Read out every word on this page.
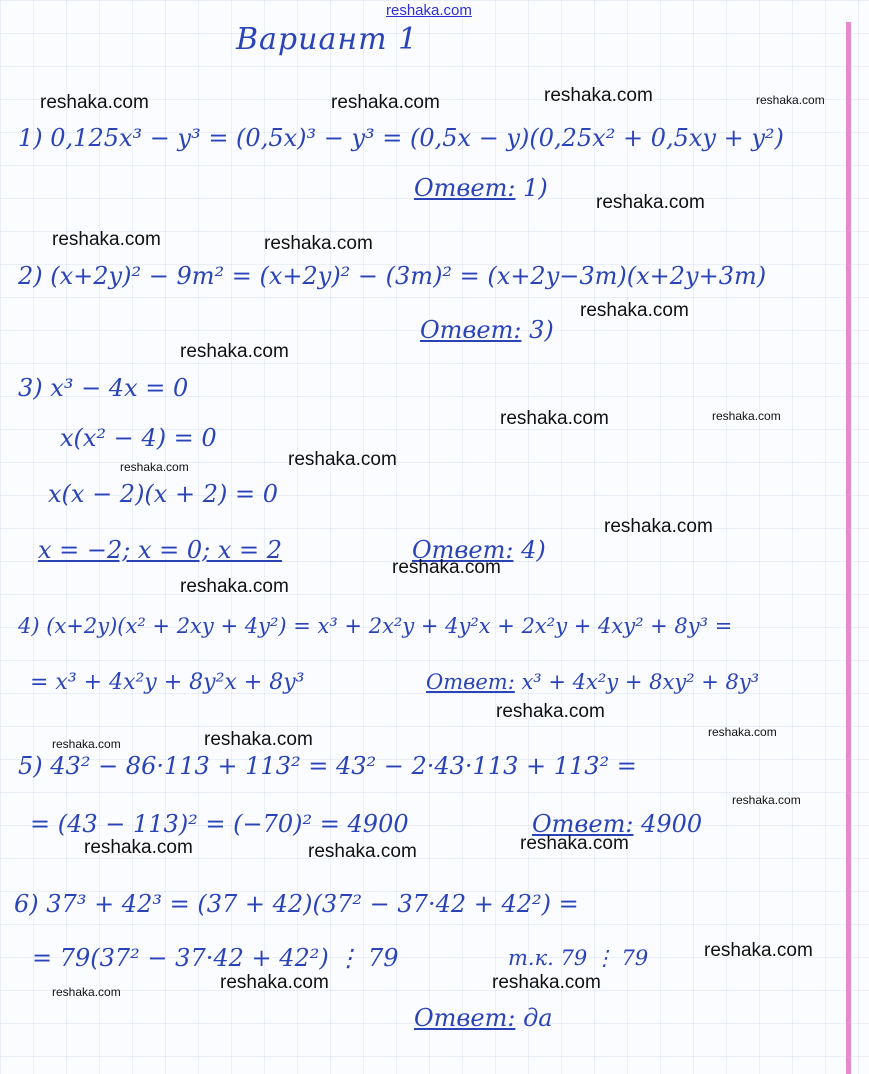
reshaka.com
Вариант 1
1) 0,125x³ − y³ = (0,5x)³ − y³ = (0,5x − y)(0,25x² + 0,5xy + y²)
Ответ: 1)
2) (x+2y)² − 9m² = (x+2y)² − (3m)² = (x+2y−3m)(x+2y+3m)
Ответ: 3)
3) x³ − 4x = 0
x(x² − 4) = 0
x(x − 2)(x + 2) = 0
x = −2; x = 0; x = 2	Ответ: 4)
4) (x+2y)(x² + 2xy + 4y²) = x³ + 2x²y + 4y²x + 2x²y + 4xy² + 8y³ =
= x³ + 4x²y + 8y²x + 8y³	Ответ: x³ + 4x²y + 8xy² + 8y³
5) 43² − 86·113 + 113² = 43² − 2·43·113 + 113² =
= (43 − 113)² = (−70)² = 4900	Ответ: 4900
6) 37³ + 42³ = (37 + 42)(37² − 37·42 + 42²) =
= 79(37² − 37·42 + 42²) ⋮ 79	т.к. 79 ⋮ 79
Ответ: да
reshaka.com	reshaka.com	reshaka.com	reshaka.com
reshaka.com
reshaka.com	reshaka.com
reshaka.com
reshaka.com
reshaka.com	reshaka.com
reshaka.com
reshaka.com
reshaka.com
reshaka.com
reshaka.com
reshaka.com
reshaka.com
reshaka.com	reshaka.com
reshaka.com
reshaka.com
reshaka.com	reshaka.com
reshaka.com
reshaka.com	reshaka.com
reshaka.com
